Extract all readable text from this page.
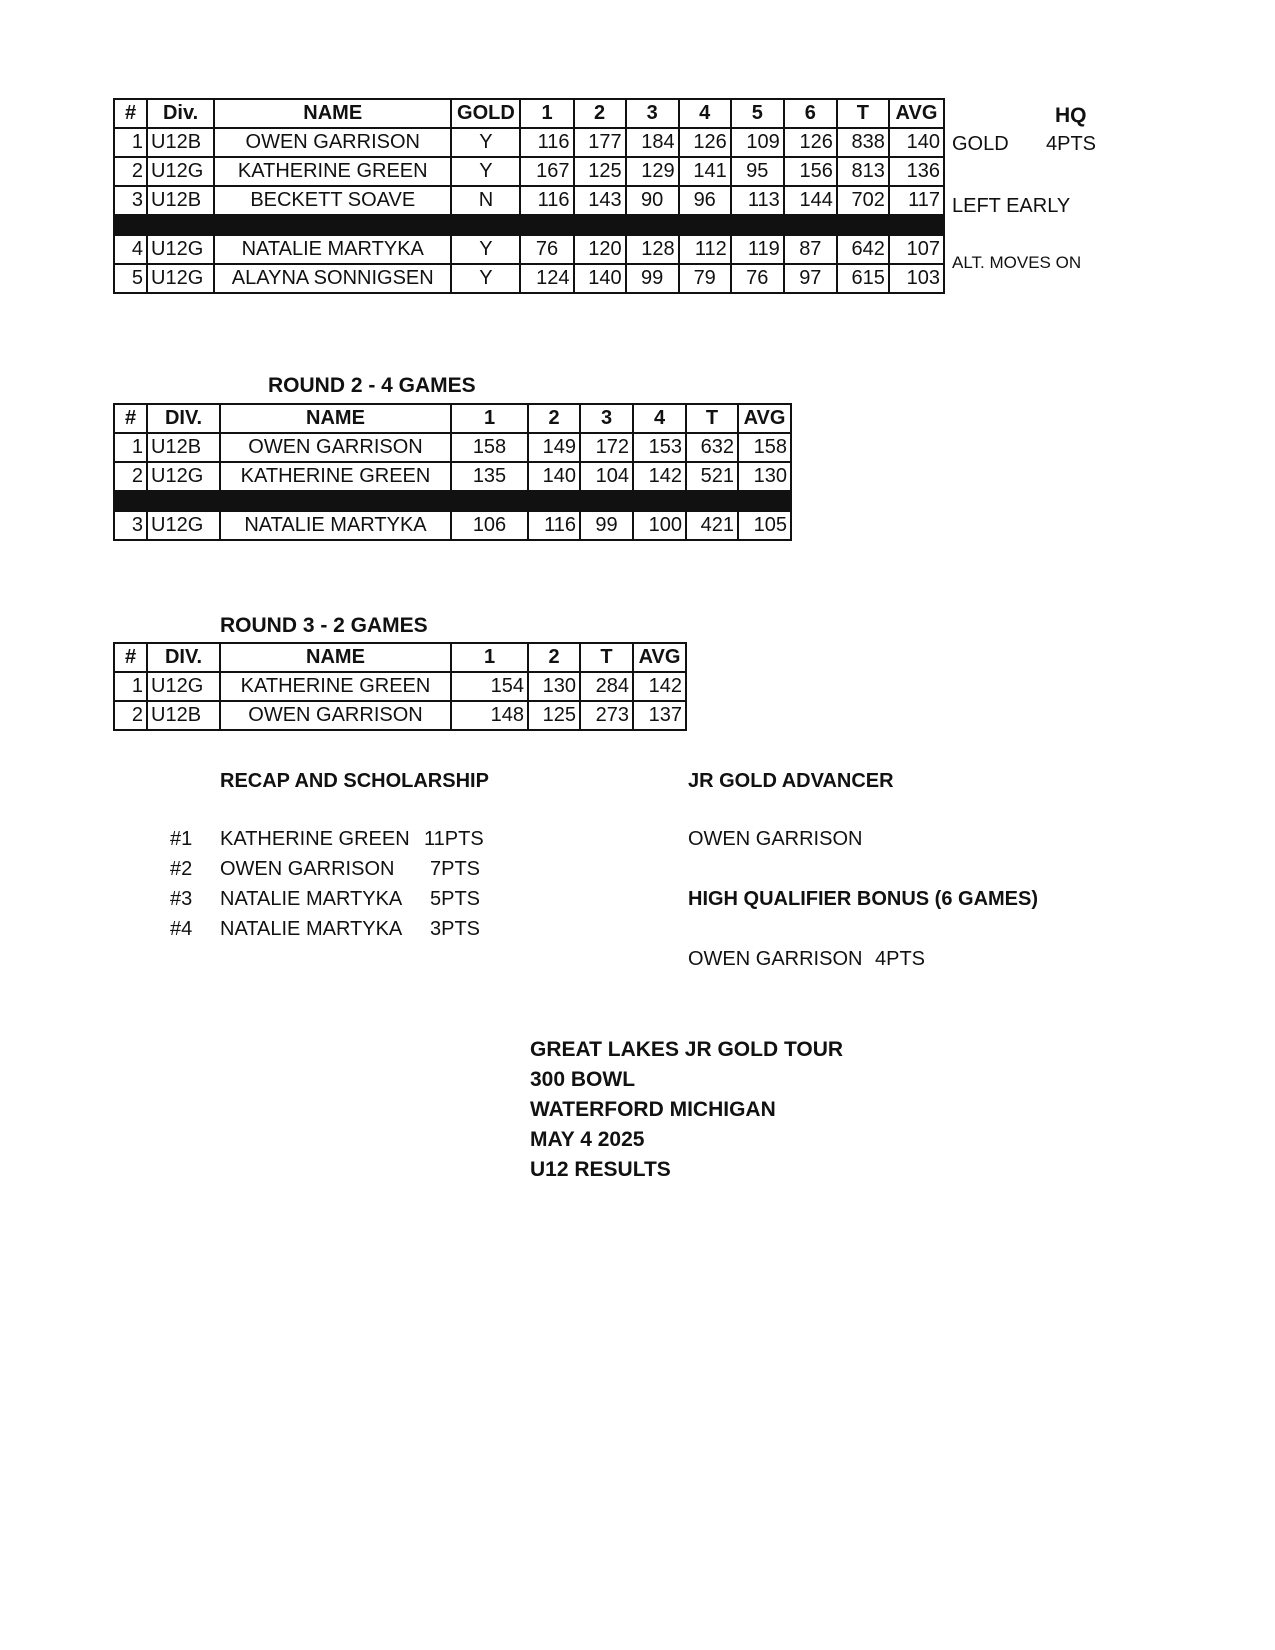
#	Div.	NAME	GOLD	1	2	3	4	5	6	T	AVG
1	U12B	OWEN GARRISON	Y	116	177	184	126	109	126	838	140
2	U12G	KATHERINE GREEN	Y	167	125	129	141	95	156	813	136
3	U12B	BECKETT SOAVE	N	116	143	90	96	113	144	702	117

4	U12G	NATALIE MARTYKA	Y	76	120	128	112	119	87	642	107
5	U12G	ALAYNA SONNIGSEN	Y	124	140	99	79	76	97	615	103
HQ
GOLD 4PTS
LEFT EARLY
ALT. MOVES ON
ROUND 2 - 4 GAMES
#	DIV.	NAME	1	2	3	4	T	AVG
1	U12B	OWEN GARRISON	158	149	172	153	632	158
2	U12G	KATHERINE GREEN	135	140	104	142	521	130

3	U12G	NATALIE MARTYKA	106	116	99	100	421	105
ROUND 3 - 2 GAMES
#	DIV.	NAME	1	2	T	AVG
1	U12G	KATHERINE GREEN	154	130	284	142
2	U12B	OWEN GARRISON	148	125	273	137
RECAP AND SCHOLARSHIP
#1 KATHERINE GREEN 11PTS
#2 OWEN GARRISON 7PTS
#3 NATALIE MARTYKA 5PTS
#4 NATALIE MARTYKA 3PTS
JR GOLD ADVANCER
OWEN GARRISON
HIGH QUALIFIER BONUS (6 GAMES)
OWEN GARRISON 4PTS
GREAT LAKES JR GOLD TOUR
300 BOWL
WATERFORD MICHIGAN
MAY 4 2025
U12 RESULTS
